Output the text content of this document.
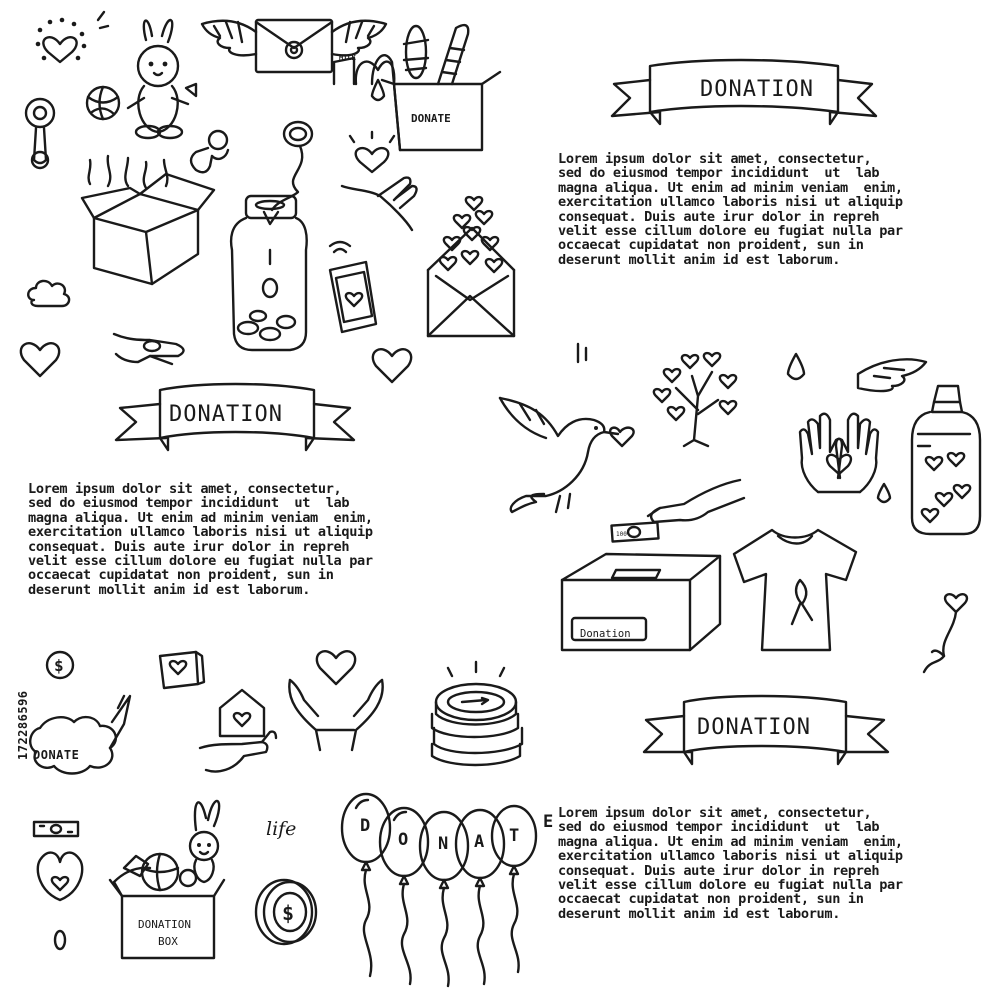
100
$
$
DONATION
DONATION
DONATION
Lorem ipsum dolor sit amet, consectetur,
sed do eiusmod tempor incididunt  ut  lab
magna aliqua. Ut enim ad minim veniam  enim,
exercitation ullamco laboris nisi ut aliquip
consequat. Duis aute irur dolor in repreh
velit esse cillum dolore eu fugiat nulla par
occaecat cupidatat non proident, sun in
deserunt mollit anim id est laborum.
Lorem ipsum dolor sit amet, consectetur,
sed do eiusmod tempor incididunt  ut  lab
magna aliqua. Ut enim ad minim veniam  enim,
exercitation ullamco laboris nisi ut aliquip
consequat. Duis aute irur dolor in repreh
velit esse cillum dolore eu fugiat nulla par
occaecat cupidatat non proident, sun in
deserunt mollit anim id est laborum.
Lorem ipsum dolor sit amet, consectetur,
sed do eiusmod tempor incididunt  ut  lab
magna aliqua. Ut enim ad minim veniam  enim,
exercitation ullamco laboris nisi ut aliquip
consequat. Duis aute irur dolor in repreh
velit esse cillum dolore eu fugiat nulla par
occaecat cupidatat non proident, sun in
deserunt mollit anim id est laborum.
DONATE
MILK
DONATE
DONATION
BOX
Donation
life
172286596
D
O N A T
E
